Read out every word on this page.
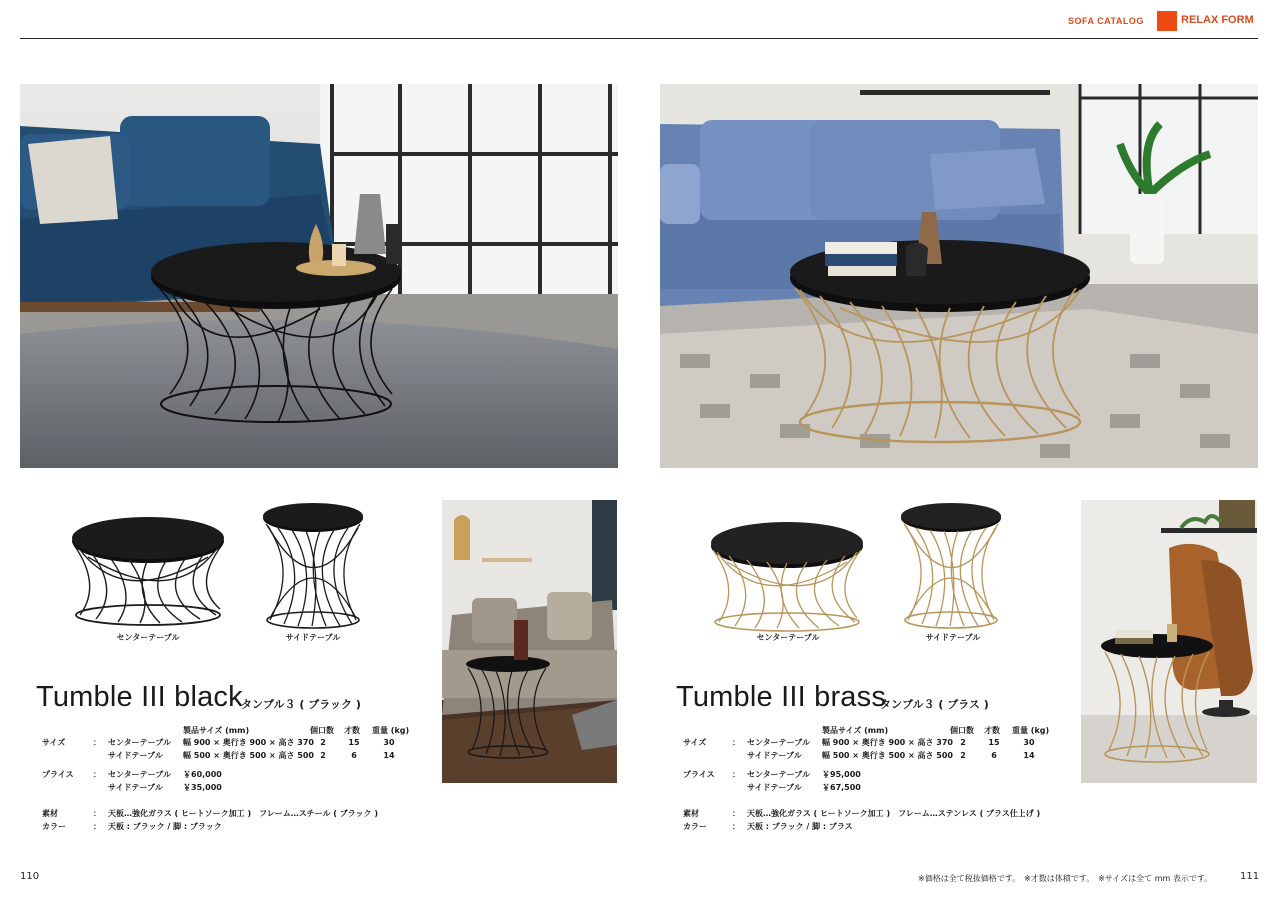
SOFA CATALOG	RELAX FORM
センターテーブル	サイドテーブル
Tumble III black
タンブル３ ( ブラック )
製品サイズ (mm)	個口数 才数 重量 (kg)
サイズ	： センターテーブル 幅 900 × 奥行き 900 × 高さ 370 2	15	30
サイドテーブル	幅 500 × 奥行き 500 × 高さ 500 2	6	14
プライス ： センターテーブル ￥60,000
サイドテーブル	￥35,000
素材	： 天板…強化ガラス ( ヒートソーク加工 )　フレーム…スチール ( ブラック )
カラー	： 天板 : ブラック / 脚 : ブラック
110
センターテーブル	サイドテーブル
Tumble III brass
タンブル３ ( ブラス )
製品サイズ (mm)	個口数 才数 重量 (kg)
サイズ	： センターテーブル 幅 900 × 奥行き 900 × 高さ 370 2	15	30
サイドテーブル	幅 500 × 奥行き 500 × 高さ 500 2	6	14
プライス ： センターテーブル ￥95,000
サイドテーブル	￥67,500
素材	： 天板…強化ガラス ( ヒートソーク加工 )　フレーム…ステンレス ( ブラス仕上げ )
カラー	： 天板 : ブラック / 脚 : ブラス
※価格は全て税抜価格です。　※才数は体積です。　※サイズは全て mm 表示です。	111
